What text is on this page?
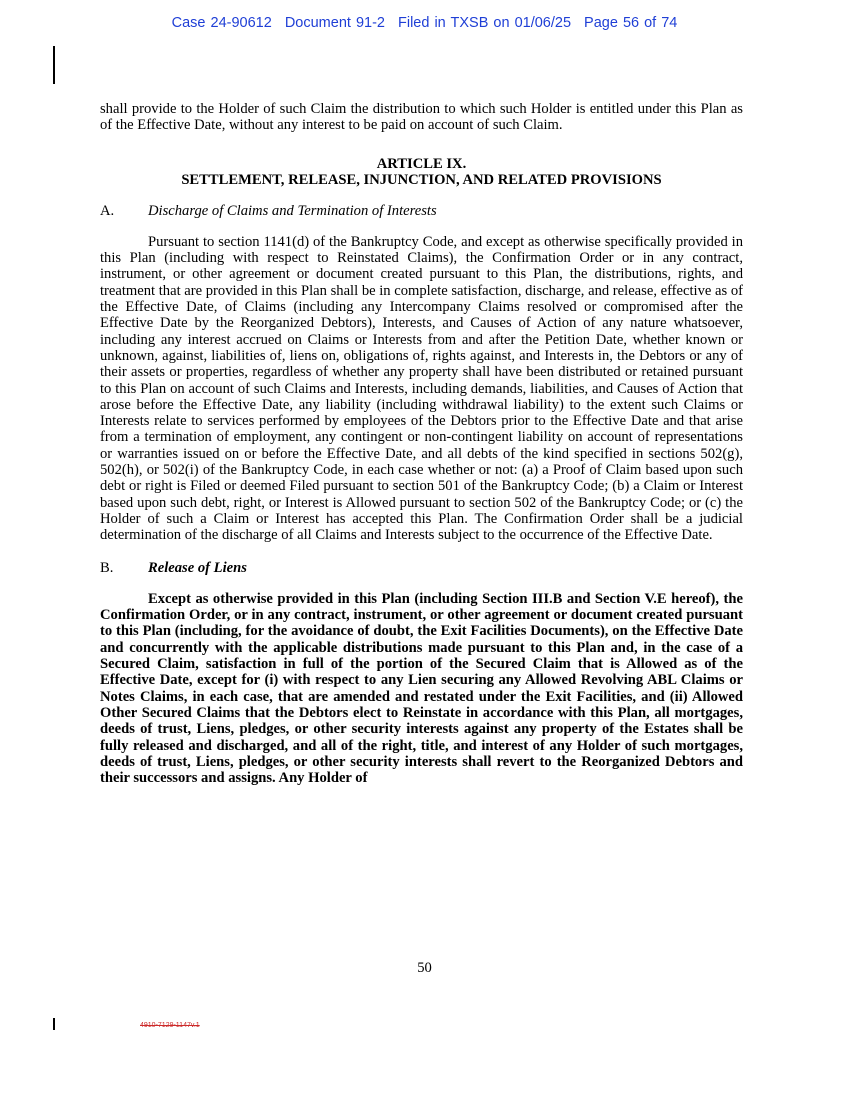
Case 24-90612 Document 91-2 Filed in TXSB on 01/06/25 Page 56 of 74

shall provide to the Holder of such Claim the distribution to which such Holder is entitled under this Plan as of the Effective Date, without any interest to be paid on account of such Claim.

ARTICLE IX.
SETTLEMENT, RELEASE, INJUNCTION, AND RELATED PROVISIONS
A. Discharge of Claims and Termination of Interests

Pursuant to section 1141(d) of the Bankruptcy Code, and except as otherwise specifically provided in this Plan (including with respect to Reinstated Claims), the Confirmation Order or in any contract, instrument, or other agreement or document created pursuant to this Plan, the distributions, rights, and treatment that are provided in this Plan shall be in complete satisfaction, discharge, and release, effective as of the Effective Date, of Claims (including any Intercompany Claims resolved or compromised after the Effective Date by the Reorganized Debtors), Interests, and Causes of Action of any nature whatsoever, including any interest accrued on Claims or Interests from and after the Petition Date, whether known or unknown, against, liabilities of, liens on, obligations of, rights against, and Interests in, the Debtors or any of their assets or properties, regardless of whether any property shall have been distributed or retained pursuant to this Plan on account of such Claims and Interests, including demands, liabilities, and Causes of Action that arose before the Effective Date, any liability (including withdrawal liability) to the extent such Claims or Interests relate to services performed by employees of the Debtors prior to the Effective Date and that arise from a termination of employment, any contingent or non-contingent liability on account of representations or warranties issued on or before the Effective Date, and all debts of the kind specified in sections 502(g), 502(h), or 502(i) of the Bankruptcy Code, in each case whether or not: (a) a Proof of Claim based upon such debt or right is Filed or deemed Filed pursuant to section 501 of the Bankruptcy Code; (b) a Claim or Interest based upon such debt, right, or Interest is Allowed pursuant to section 502 of the Bankruptcy Code; or (c) the Holder of such a Claim or Interest has accepted this Plan. The Confirmation Order shall be a judicial determination of the discharge of all Claims and Interests subject to the occurrence of the Effective Date.

B. Release of Liens

Except as otherwise provided in this Plan (including Section III.B and Section V.E hereof), the Confirmation Order, or in any contract, instrument, or other agreement or document created pursuant to this Plan (including, for the avoidance of doubt, the Exit Facilities Documents), on the Effective Date and concurrently with the applicable distributions made pursuant to this Plan and, in the case of a Secured Claim, satisfaction in full of the portion of the Secured Claim that is Allowed as of the Effective Date, except for (i) with respect to any Lien securing any Allowed Revolving ABL Claims or Notes Claims, in each case, that are amended and restated under the Exit Facilities, and (ii) Allowed Other Secured Claims that the Debtors elect to Reinstate in accordance with this Plan, all mortgages, deeds of trust, Liens, pledges, or other security interests against any property of the Estates shall be fully released and discharged, and all of the right, title, and interest of any Holder of such mortgages, deeds of trust, Liens, pledges, or other security interests shall revert to the Reorganized Debtors and their successors and assigns. Any Holder of

50
4910-7129-1147v.1
